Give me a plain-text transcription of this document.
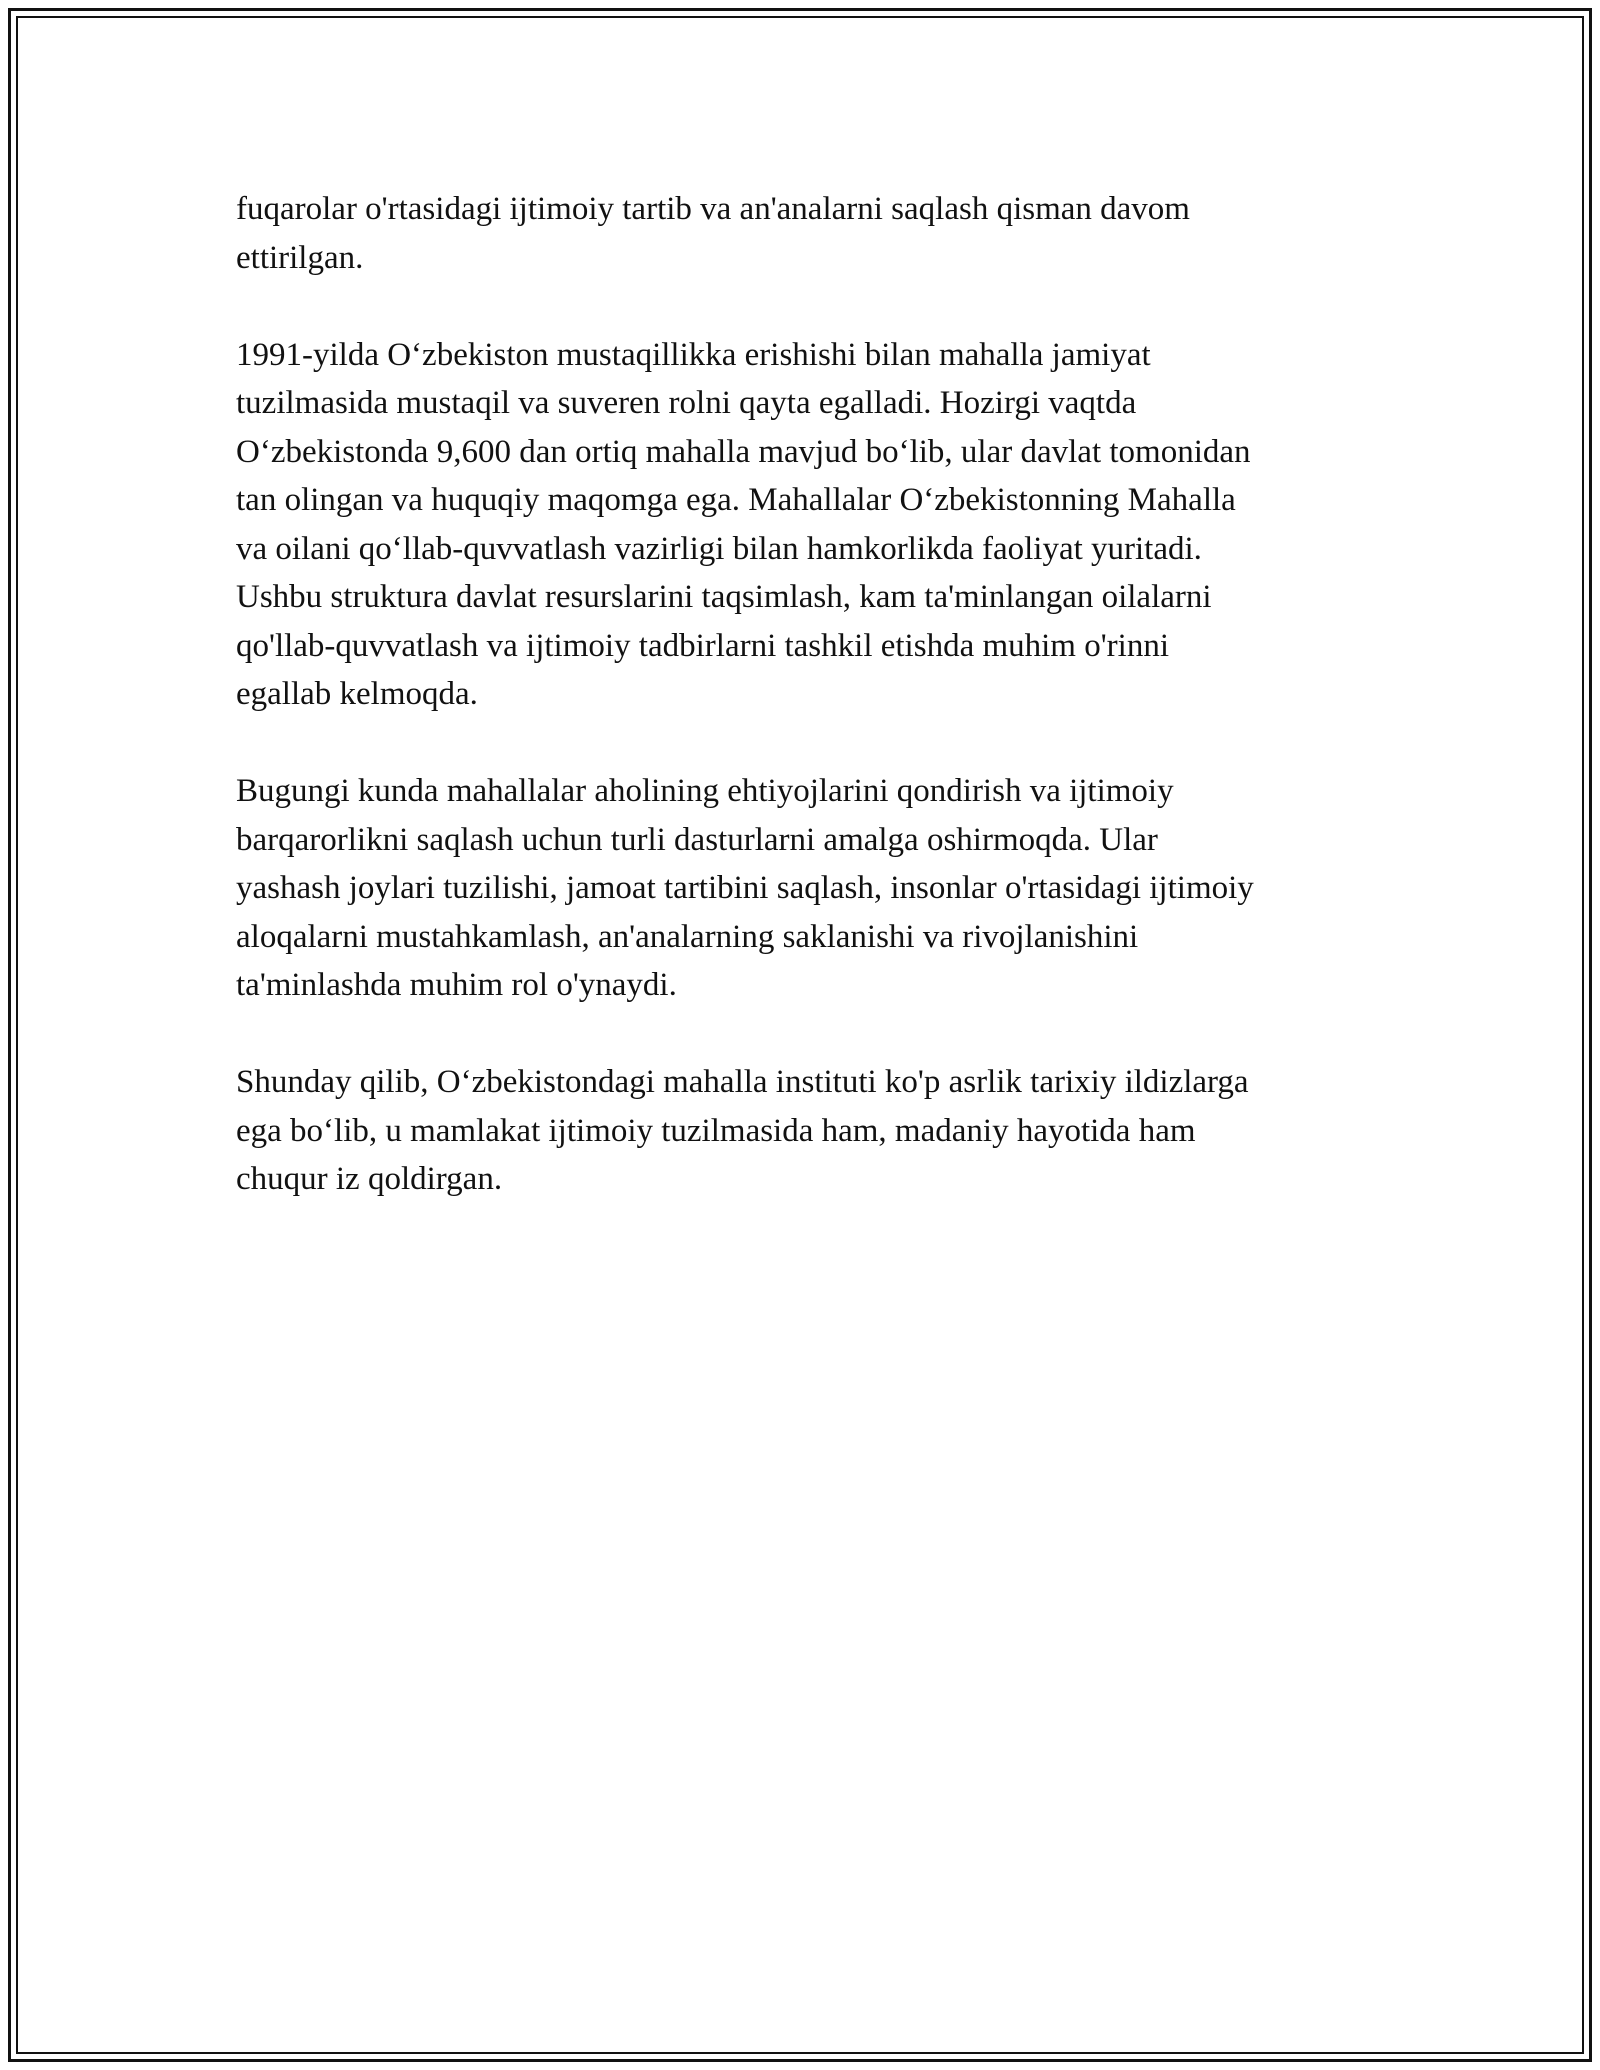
fuqarolar o'rtasidagi ijtimoiy tartib va an'analarni saqlash qisman davom
ettirilgan.

1991-yilda O‘zbekiston mustaqillikka erishishi bilan mahalla jamiyat
tuzilmasida mustaqil va suveren rolni qayta egalladi. Hozirgi vaqtda
O‘zbekistonda 9,600 dan ortiq mahalla mavjud bo‘lib, ular davlat tomonidan
tan olingan va huquqiy maqomga ega. Mahallalar O‘zbekistonning Mahalla
va oilani qo‘llab-quvvatlash vazirligi bilan hamkorlikda faoliyat yuritadi.
Ushbu struktura davlat resurslarini taqsimlash, kam ta'minlangan oilalarni
qo'llab-quvvatlash va ijtimoiy tadbirlarni tashkil etishda muhim o'rinni
egallab kelmoqda.

Bugungi kunda mahallalar aholining ehtiyojlarini qondirish va ijtimoiy
barqarorlikni saqlash uchun turli dasturlarni amalga oshirmoqda. Ular
yashash joylari tuzilishi, jamoat tartibini saqlash, insonlar o'rtasidagi ijtimoiy
aloqalarni mustahkamlash, an'analarning saklanishi va rivojlanishini
ta'minlashda muhim rol o'ynaydi.

Shunday qilib, O‘zbekistondagi mahalla instituti ko'p asrlik tarixiy ildizlarga
ega bo‘lib, u mamlakat ijtimoiy tuzilmasida ham, madaniy hayotida ham
chuqur iz qoldirgan.
